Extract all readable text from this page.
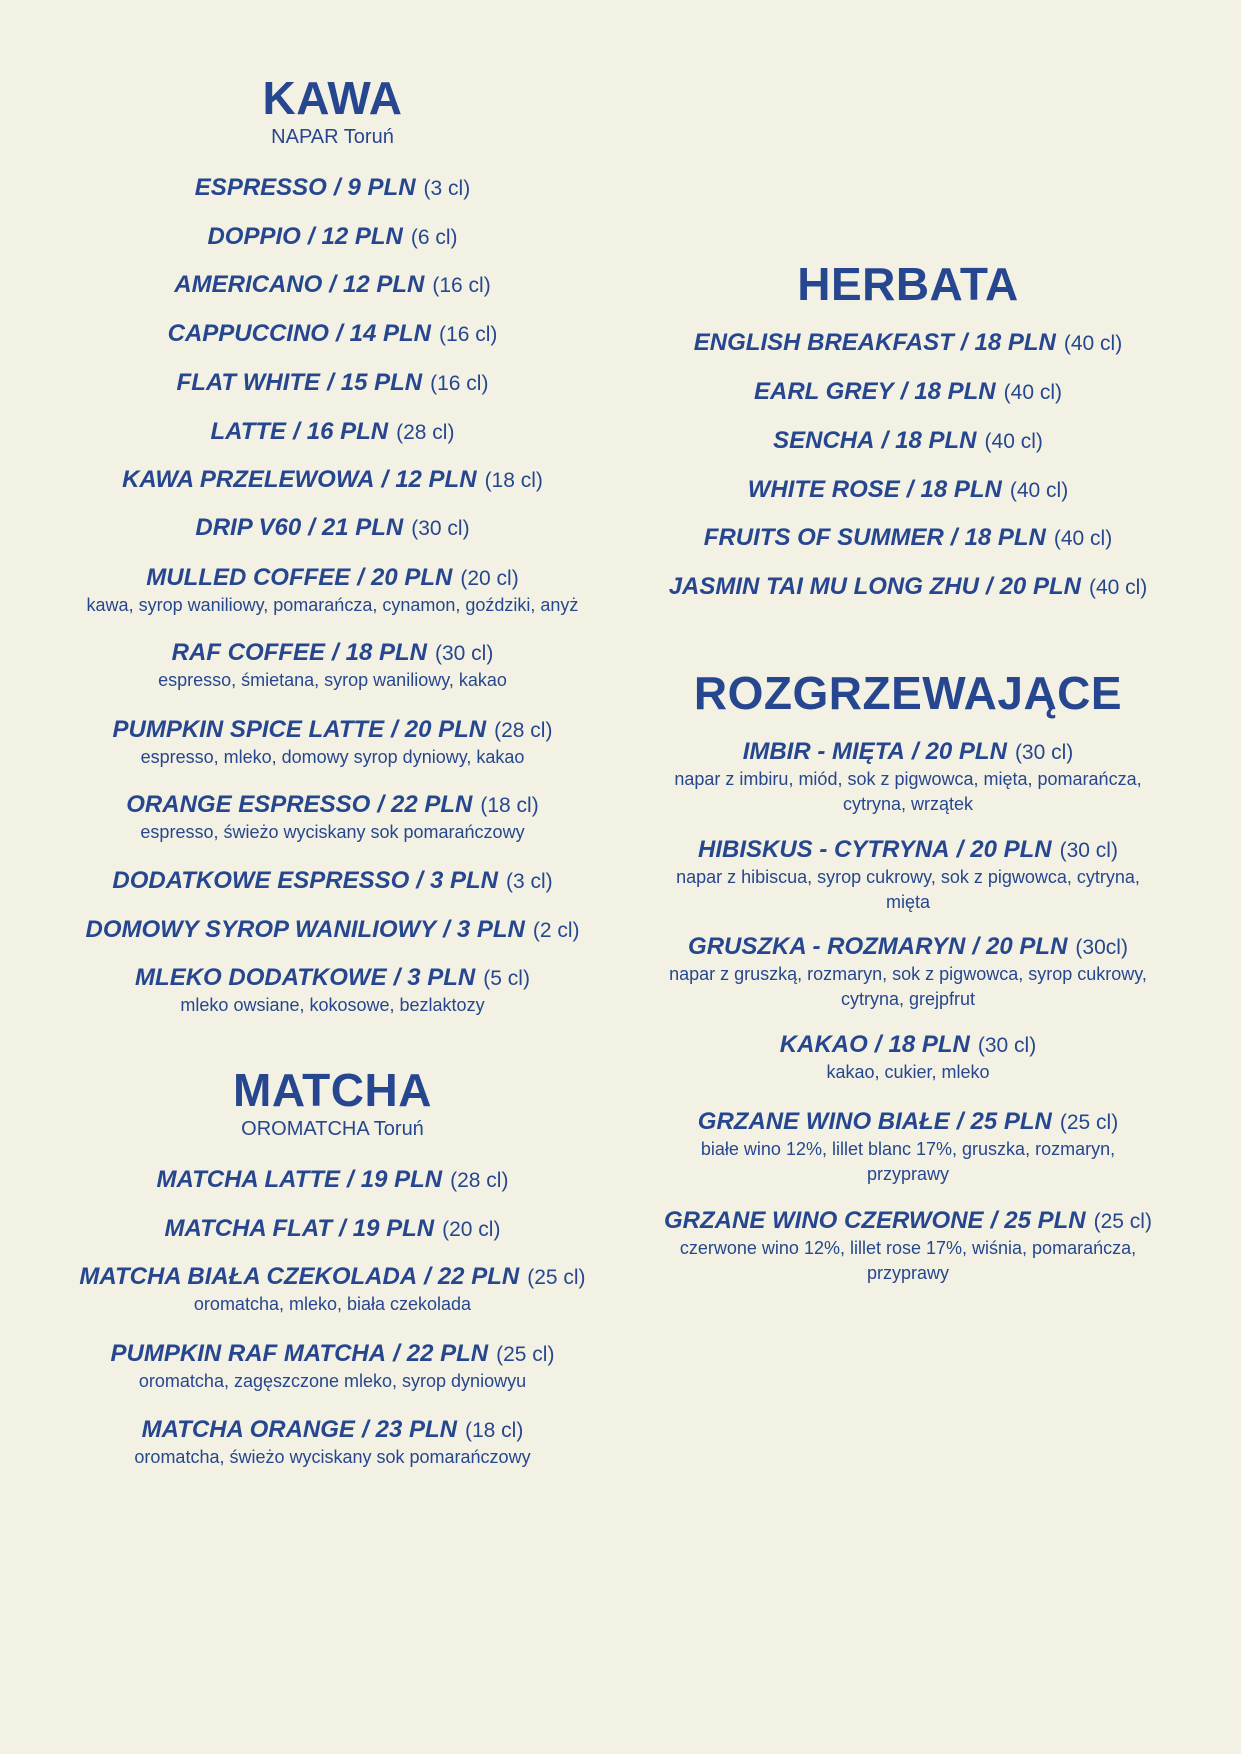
KAWA
NAPAR Toruń
ESPRESSO / 9 PLN (3 cl)
DOPPIO / 12 PLN (6 cl)
AMERICANO / 12 PLN (16 cl)
CAPPUCCINO / 14 PLN (16 cl)
FLAT WHITE / 15 PLN (16 cl)
LATTE / 16 PLN (28 cl)
KAWA PRZELEWOWA / 12 PLN (18 cl)
DRIP V60 / 21 PLN (30 cl)
MULLED COFFEE / 20 PLN (20 cl)
kawa, syrop waniliowy, pomarańcza, cynamon, goździki, anyż
RAF COFFEE / 18 PLN (30 cl)
espresso, śmietana, syrop waniliowy, kakao
PUMPKIN SPICE LATTE / 20 PLN (28 cl)
espresso, mleko, domowy syrop dyniowy, kakao
ORANGE ESPRESSO / 22 PLN (18 cl)
espresso, świeżo wyciskany sok pomarańczowy
DODATKOWE ESPRESSO / 3 PLN (3 cl)
DOMOWY SYROP WANILIOWY / 3 PLN (2 cl)
MLEKO DODATKOWE / 3 PLN (5 cl)
mleko owsiane, kokosowe, bezlaktozy
MATCHA
OROMATCHA Toruń
MATCHA LATTE / 19 PLN (28 cl)
MATCHA FLAT / 19 PLN (20 cl)
MATCHA BIAŁA CZEKOLADA / 22 PLN (25 cl)
oromatcha, mleko, biała czekolada
PUMPKIN RAF MATCHA / 22 PLN (25 cl)
oromatcha, zagęszczone mleko, syrop dyniowyu
MATCHA ORANGE / 23 PLN (18 cl)
oromatcha, świeżo wyciskany sok pomarańczowy
HERBATA
ENGLISH BREAKFAST / 18 PLN (40 cl)
EARL GREY / 18 PLN (40 cl)
SENCHA / 18 PLN (40 cl)
WHITE ROSE / 18 PLN (40 cl)
FRUITS OF SUMMER / 18 PLN (40 cl)
JASMIN TAI MU LONG ZHU / 20 PLN (40 cl)
ROZGRZEWAJĄCE
IMBIR - MIĘTA / 20 PLN (30 cl)
napar z imbiru, miód, sok z pigwowca, mięta, pomarańcza, cytryna, wrzątek
HIBISKUS - CYTRYNA / 20 PLN (30 cl)
napar z hibiscua, syrop cukrowy, sok z pigwowca, cytryna, mięta
GRUSZKA - ROZMARYN / 20 PLN (30cl)
napar z gruszką, rozmaryn, sok z pigwowca, syrop cukrowy, cytryna, grejpfrut
KAKAO / 18 PLN (30 cl)
kakao, cukier, mleko
GRZANE WINO BIAŁE / 25 PLN (25 cl)
białe wino 12%, lillet blanc 17%, gruszka, rozmaryn, przyprawy
GRZANE WINO CZERWONE / 25 PLN (25 cl)
czerwone wino 12%, lillet rose 17%, wiśnia, pomarańcza, przyprawy
